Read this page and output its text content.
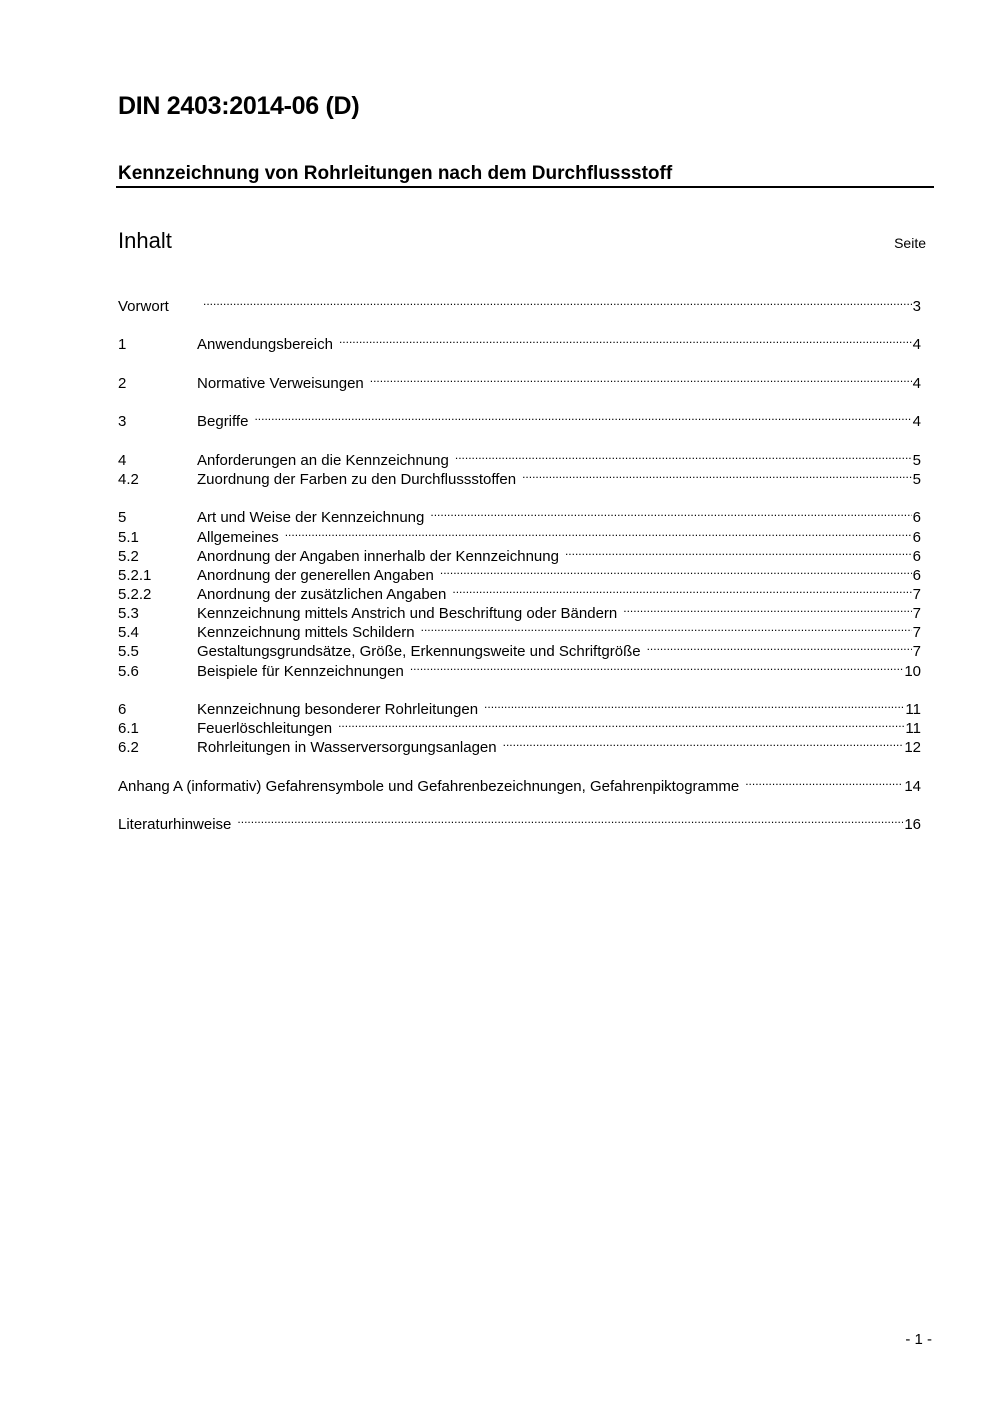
DIN 2403:2014-06 (D)
Kennzeichnung von Rohrleitungen nach dem Durchflussstoff
Inhalt	Seite
Vorwort .....	3
1	Anwendungsbereich .....	4
2	Normative Verweisungen .....	4
3	Begriffe .....	4
4	Anforderungen an die Kennzeichnung .....	5
4.2	Zuordnung der Farben zu den Durchflussstoffen .....	5
5	Art und Weise der Kennzeichnung .....	6
5.1	Allgemeines .....	6
5.2	Anordnung der Angaben innerhalb der Kennzeichnung .....	6
5.2.1	Anordnung der generellen Angaben .....	6
5.2.2	Anordnung der zusätzlichen Angaben .....	7
5.3	Kennzeichnung mittels Anstrich und Beschriftung oder Bändern .....	7
5.4	Kennzeichnung mittels Schildern .....	7
5.5	Gestaltungsgrundsätze, Größe, Erkennungsweite und Schriftgröße .....	7
5.6	Beispiele für Kennzeichnungen .....	10
6	Kennzeichnung besonderer Rohrleitungen .....	11
6.1	Feuerlöschleitungen .....	11
6.2	Rohrleitungen in Wasserversorgungsanlagen .....	12
Anhang A (informativ) Gefahrensymbole und Gefahrenbezeichnungen, Gefahrenpiktogramme .....	14
Literaturhinweise .....	16
- 1 -
